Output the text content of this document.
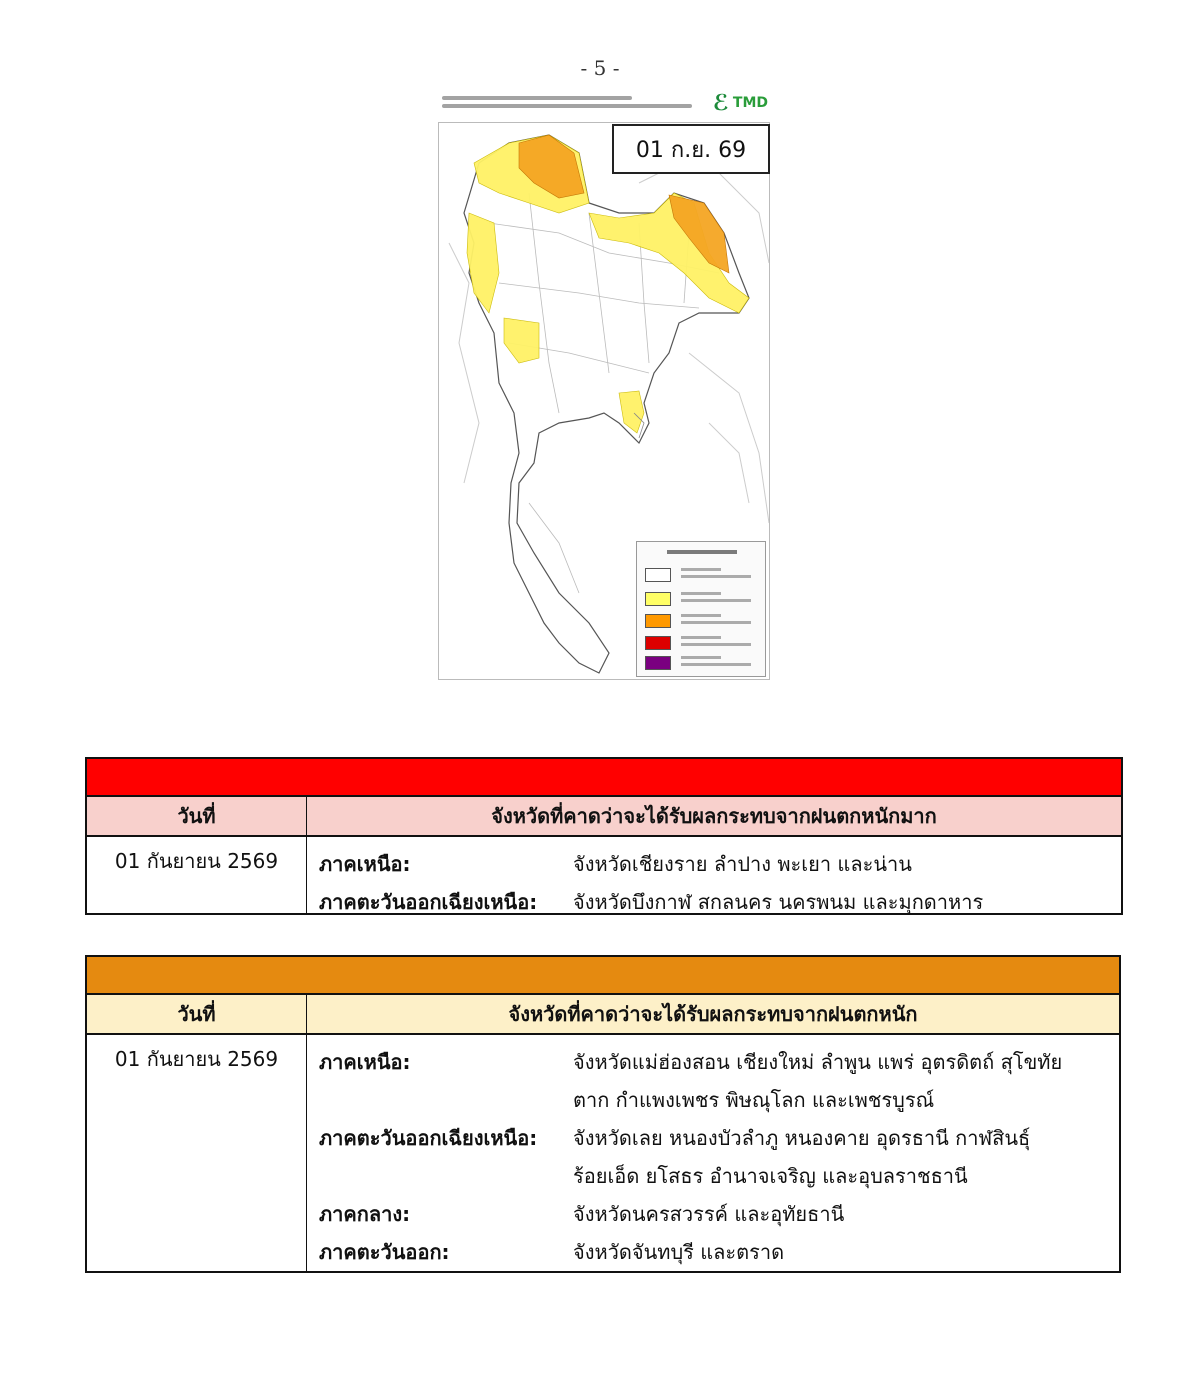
- 5 -
ℰ TMD
01 ก.ย. 69
วันที่	จังหวัดที่คาดว่าจะได้รับผลกระทบจากฝนตกหนักมาก
01 กันยายน 2569	ภาคเหนือ:	จังหวัดเชียงราย ลำปาง พะเยา และน่าน
ภาคตะวันออกเฉียงเหนือ:	จังหวัดบึงกาฬ สกลนคร นครพนม และมุกดาหาร
วันที่	จังหวัดที่คาดว่าจะได้รับผลกระทบจากฝนตกหนัก
01 กันยายน 2569	ภาคเหนือ:	จังหวัดแม่ฮ่องสอน เชียงใหม่ ลำพูน แพร่ อุตรดิตถ์ สุโขทัย
ตาก กำแพงเพชร พิษณุโลก และเพชรบูรณ์
ภาคตะวันออกเฉียงเหนือ:	จังหวัดเลย หนองบัวลำภู หนองคาย อุดรธานี กาฬสินธุ์
ร้อยเอ็ด ยโสธร อำนาจเจริญ และอุบลราชธานี
ภาคกลาง:	จังหวัดนครสวรรค์ และอุทัยธานี
ภาคตะวันออก:	จังหวัดจันทบุรี และตราด
